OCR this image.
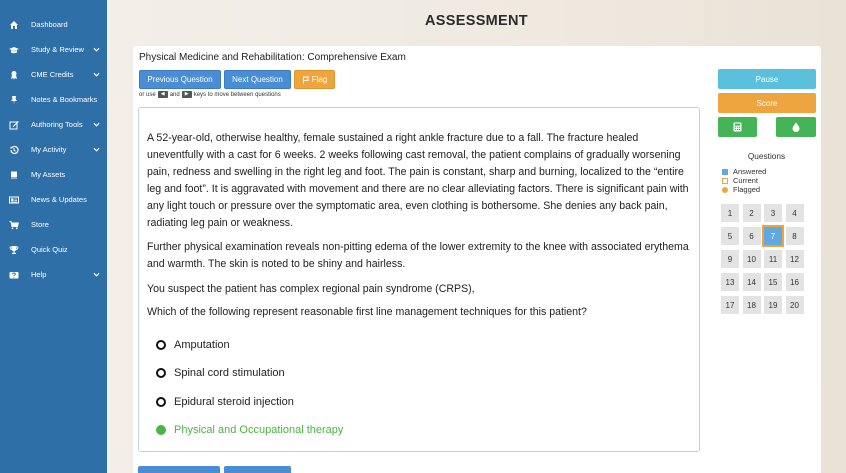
Dashboard
Study & Review
CME Credits
Notes & Bookmarks
Authoring Tools
My Activity
My Assets
News & Updates
Store
Quick Quiz
Help
ASSESSMENT
Physical Medicine and Rehabilitation: Comprehensive Exam
Previous Question	Next Question	Flag
or use	◀ and	▶ keys to move between questions
A 52-year-old, otherwise healthy, female sustained a right ankle fracture due to a fall. The fracture healed uneventfully with a cast for 6 weeks. 2 weeks following cast removal, the patient complains of gradually worsening pain, redness and swelling in the right leg and foot. The pain is constant, sharp and burning, localized to the “entire leg and foot”. It is aggravated with movement and there are no clear alleviating factors. There is significant pain with any light touch or pressure over the symptomatic area, even clothing is bothersome. She denies any back pain, radiating leg pain or weakness.
Further physical examination reveals non-pitting edema of the lower extremity to the knee with associated erythema and warmth. The skin is noted to be shiny and hairless.
You suspect the patient has complex regional pain syndrome (CRPS),
Which of the following represent reasonable first line management techniques for this patient?
Amputation
Spinal cord stimulation
Epidural steroid injection
Physical and Occupational therapy
Pause
Score
Questions
Answered
Current
Flagged
1	2	3	4
5	6	7	8
9	10	11	12
13	14	15	16
17	18	19	20
